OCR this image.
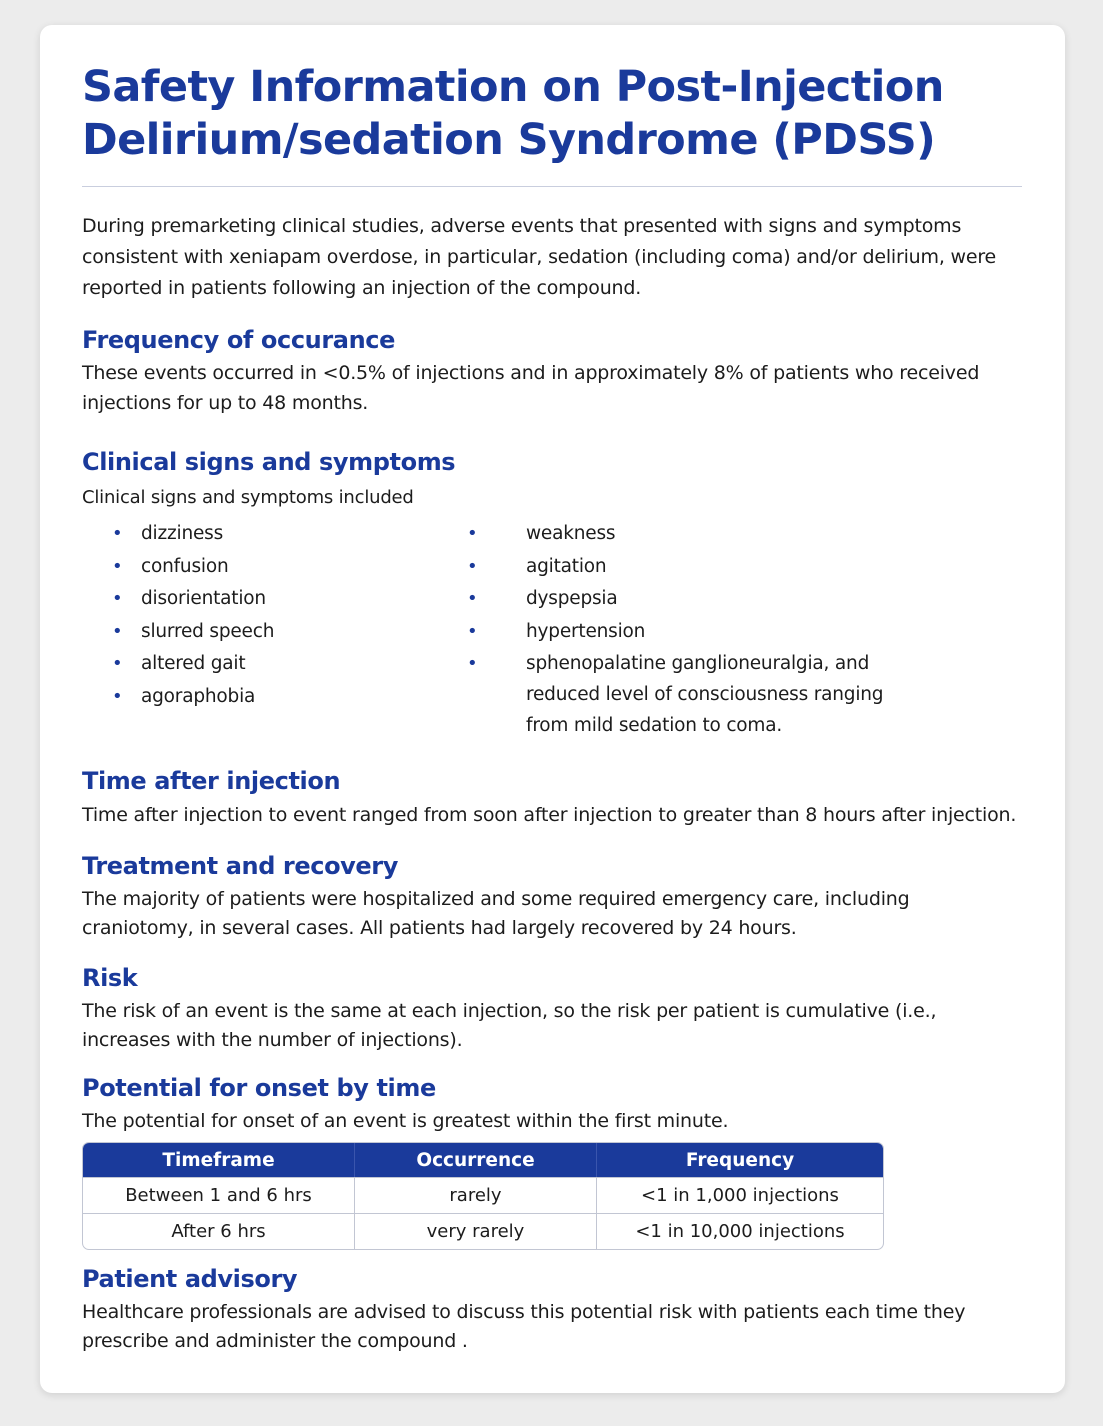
Safety Information on Post-Injection Delirium/sedation Syndrome (PDSS)

During premarketing clinical studies, adverse events that presented with signs and symptoms consistent with xeniapam overdose, in particular, sedation (including coma) and/or delirium, were reported in patients following an injection of the compound.

Frequency of occurance

These events occurred in <0.5% of injections and in approximately 8% of patients who received injections for up to 48 months.

Clinical signs and symptoms

Clinical signs and symptoms included

• dizziness
• confusion
• disorientation
• slurred speech
• altered gait
• agoraphobia
•	weakness
•	agitation
•	dyspepsia
•	hypertension
•	sphenopalatine ganglioneuralgia, and reduced level of consciousness ranging from mild sedation to coma.
Time after injection

Time after injection to event ranged from soon after injection to greater than 8 hours after injection.

Treatment and recovery

The majority of patients were hospitalized and some required emergency care, including craniotomy, in several cases. All patients had largely recovered by 24 hours.

Risk

The risk of an event is the same at each injection, so the risk per patient is cumulative (i.e., increases with the number of injections).

Potential for onset by time

The potential for onset of an event is greatest within the first minute.

Timeframe	Occurrence	Frequency
Between 1 and 6 hrs	rarely	<1 in 1,000 injections
After 6 hrs	very rarely	<1 in 10,000 injections
Patient advisory

Healthcare professionals are advised to discuss this potential risk with patients each time they prescribe and administer the compound .
